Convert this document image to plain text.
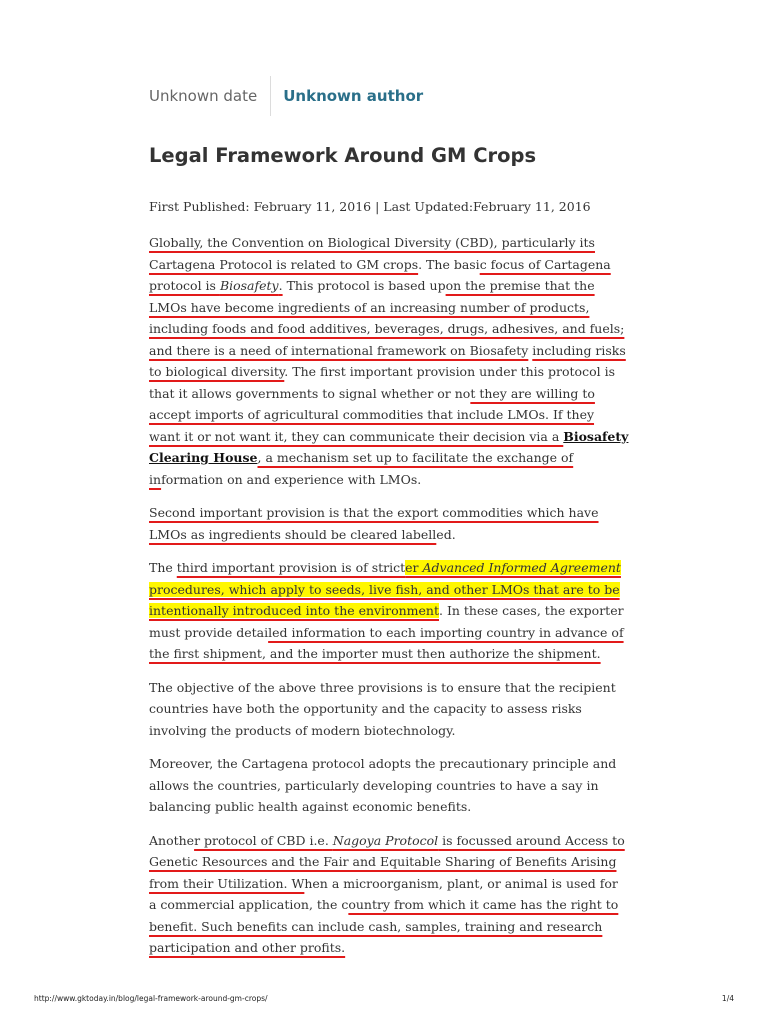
Unknown date	Unknown author
Legal Framework Around GM Crops
First Published: February 11, 2016 | Last Updated:February 11, 2016

Globally, the Convention on Biological Diversity (CBD), particularly its Cartagena Protocol is related to GM crops. The basic focus of Cartagena protocol is Biosafety. This protocol is based upon the premise that the LMOs have become ingredients of an increasing number of products, including foods and food additives, beverages, drugs, adhesives, and fuels; and there is a need of international framework on Biosafety including risks to biological diversity. The first important provision under this protocol is that it allows governments to signal whether or not they are willing to accept imports of agricultural commodities that include LMOs. If they want it or not want it, they can communicate their decision via a Biosafety Clearing House, a mechanism set up to facilitate the exchange of information on and experience with LMOs.

Second important provision is that the export commodities which have LMOs as ingredients should be cleared labelled.

The third important provision is of stricter Advanced Informed Agreement procedures, which apply to seeds, live fish, and other LMOs that are to be intentionally introduced into the environment. In these cases, the exporter must provide detailed information to each importing country in advance of the first shipment, and the importer must then authorize the shipment.

The objective of the above three provisions is to ensure that the recipient countries have both the opportunity and the capacity to assess risks involving the products of modern biotechnology.

Moreover, the Cartagena protocol adopts the precautionary principle and allows the countries, particularly developing countries to have a say in balancing public health against economic benefits.

Another protocol of CBD i.e. Nagoya Protocol is focussed around Access to Genetic Resources and the Fair and Equitable Sharing of Benefits Arising from their Utilization. When a microorganism, plant, or animal is used for a commercial application, the country from which it came has the right to benefit. Such benefits can include cash, samples, training and research participation and other profits.

http://www.gktoday.in/blog/legal-framework-around-gm-crops/	1/4
